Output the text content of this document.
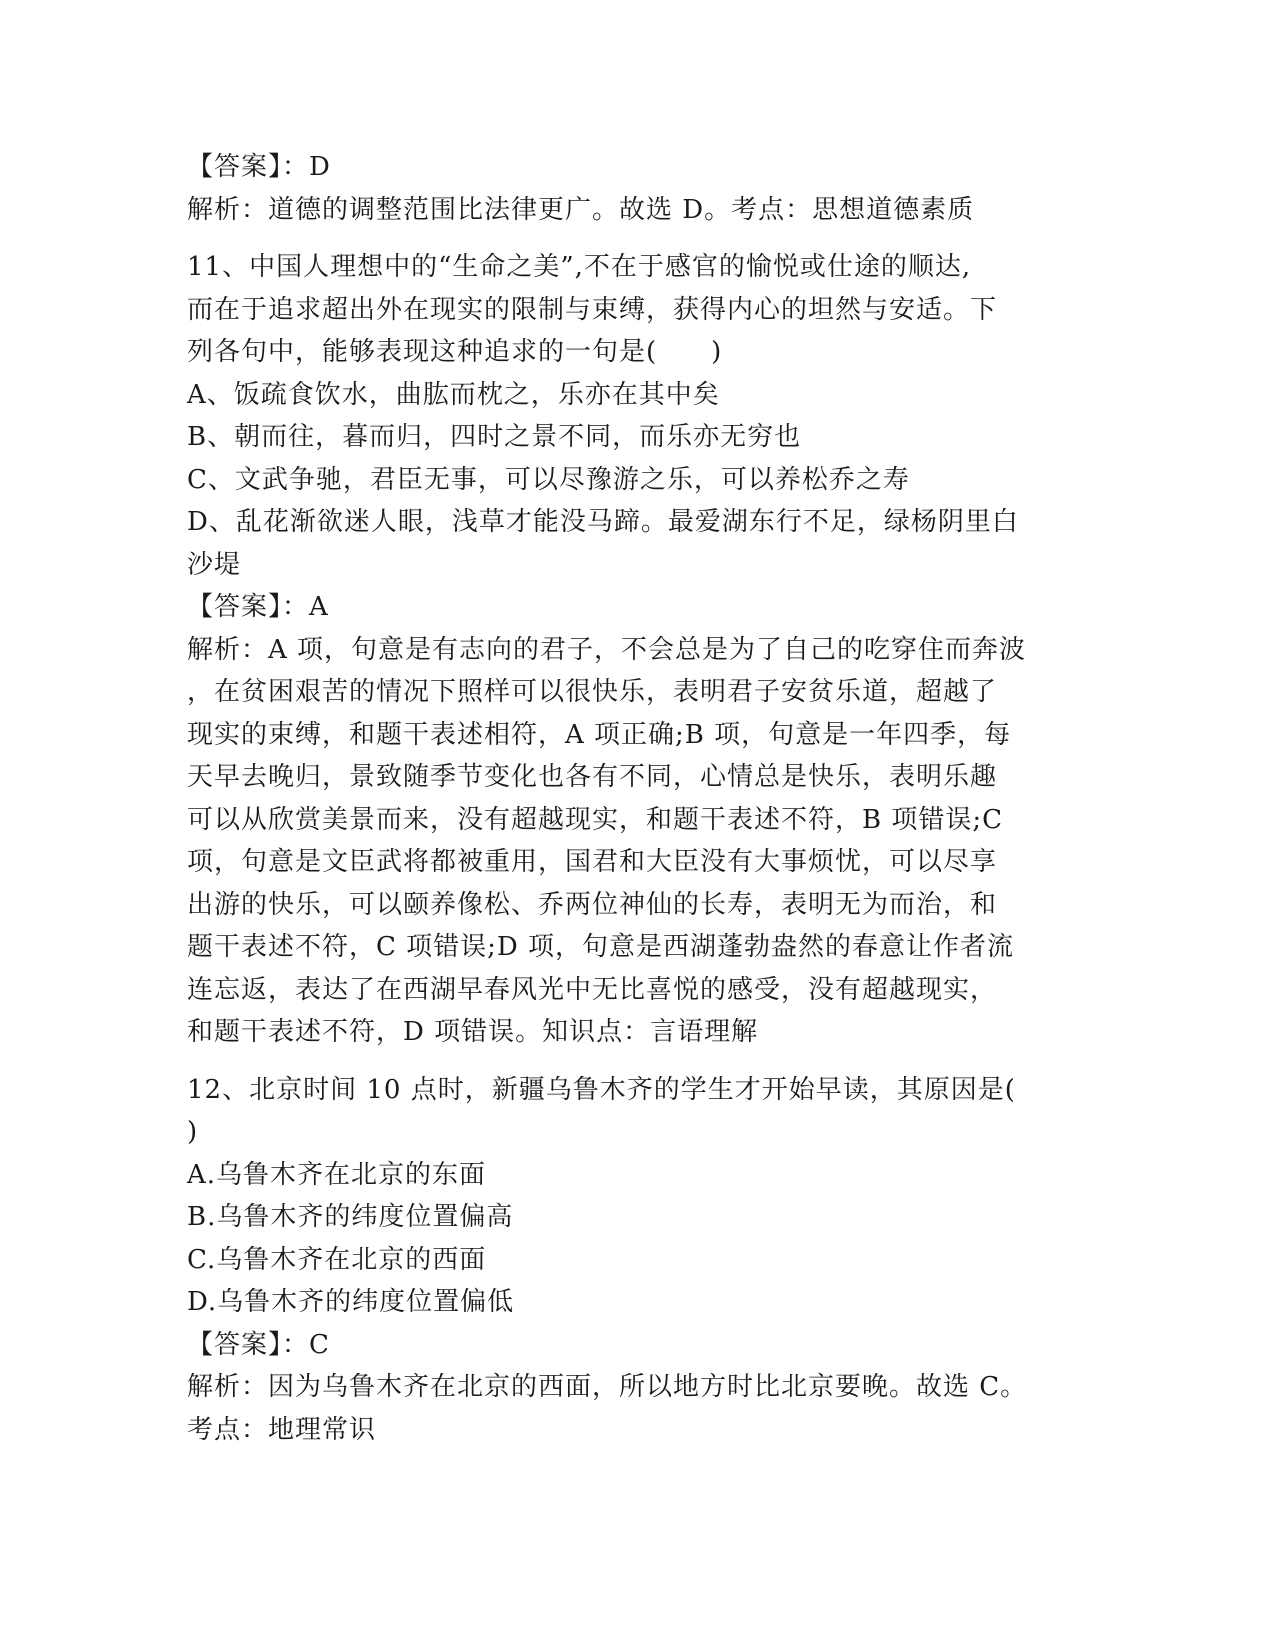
【答案】：D
解析：道德的调整范围比法律更广。故选 D。考点：思想道德素质
11、中国人理想中的“生命之美”,不在于感官的愉悦或仕途的顺达,
而在于追求超出外在现实的限制与束缚，获得内心的坦然与安适。下
列各句中，能够表现这种追求的一句是(　　)
A、饭疏食饮水，曲肱而枕之，乐亦在其中矣
B、朝而往，暮而归，四时之景不同，而乐亦无穷也
C、文武争驰，君臣无事，可以尽豫游之乐，可以养松乔之寿
D、乱花渐欲迷人眼，浅草才能没马蹄。最爱湖东行不足，绿杨阴里白
沙堤
【答案】：A
解析：A 项，句意是有志向的君子，不会总是为了自己的吃穿住而奔波
，在贫困艰苦的情况下照样可以很快乐，表明君子安贫乐道，超越了
现实的束缚，和题干表述相符，A 项正确;B 项，句意是一年四季，每
天早去晚归，景致随季节变化也各有不同，心情总是快乐，表明乐趣
可以从欣赏美景而来，没有超越现实，和题干表述不符，B 项错误;C
项，句意是文臣武将都被重用，国君和大臣没有大事烦忧，可以尽享
出游的快乐，可以颐养像松、乔两位神仙的长寿，表明无为而治，和
题干表述不符，C 项错误;D 项，句意是西湖蓬勃盎然的春意让作者流
连忘返，表达了在西湖早春风光中无比喜悦的感受，没有超越现实，
和题干表述不符，D 项错误。知识点：言语理解
12、北京时间 10 点时，新疆乌鲁木齐的学生才开始早读，其原因是(
)
A.乌鲁木齐在北京的东面
B.乌鲁木齐的纬度位置偏高
C.乌鲁木齐在北京的西面
D.乌鲁木齐的纬度位置偏低
【答案】：C
解析：因为乌鲁木齐在北京的西面，所以地方时比北京要晚。故选 C。
考点：地理常识
